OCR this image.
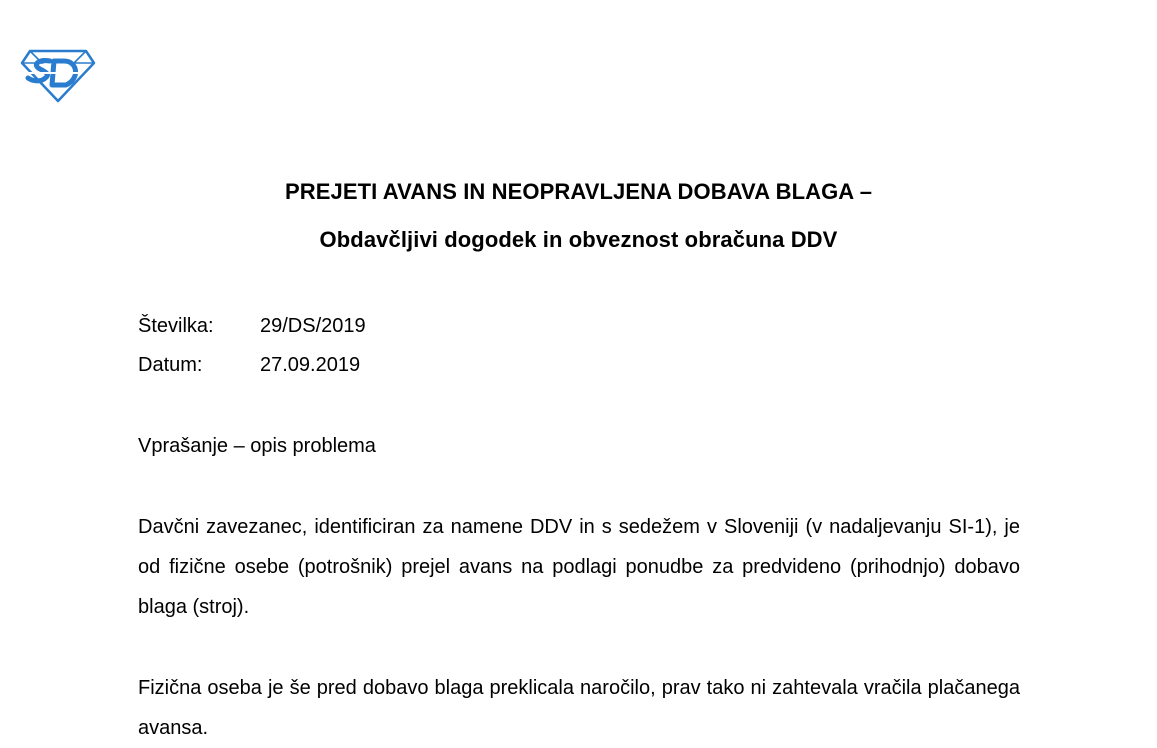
PREJETI AVANS IN NEOPRAVLJENA DOBAVA BLAGA –
Obdavčljivi dogodek in obveznost obračuna DDV
Številka: 29/DS/2019
Datum:	27.09.2019
Vprašanje – opis problema

Davčni zavezanec, identificiran za namene DDV in s sedežem v Sloveniji (v nadaljevanju SI-1), je od fizične osebe (potrošnik) prejel avans na podlagi ponudbe za predvideno (prihodnjo) dobavo blaga (stroj).

Fizična oseba je še pred dobavo blaga preklicala naročilo, prav tako ni zahtevala vračila plačanega avansa.
